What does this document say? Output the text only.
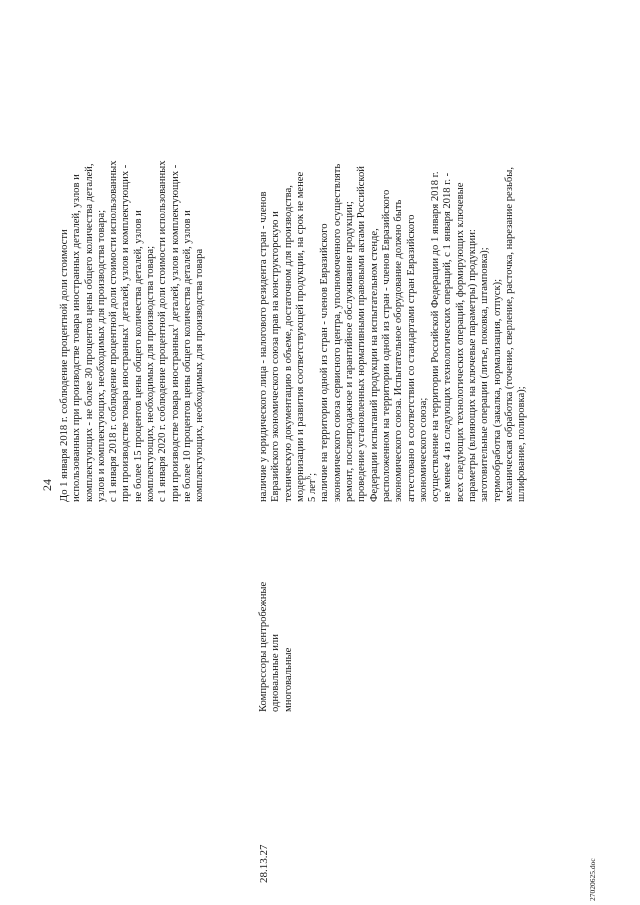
24 До 1 января 2018 г. соблюдение процентной доли стоимости использованных при производстве товара иностранных деталей, узлов и комплектующих - не более 30 процентов цены общего количества деталей, узлов и комплектующих, необходимых для производства товара; с 1 января 2018 г. соблюдение процентной доли стоимости использованных при производстве товара иностранных$^1$ деталей, узлов и комплектующих - не более 15 процентов цены общего количества деталей, узлов и комплектующих, необходимых для производства товара; с 1 января 2020 г. соблюдение процентной доли стоимости использованных при производстве товара иностранных$^1$ деталей, узлов и комплектующих - не более 10 процентов цены общего количества деталей, узлов и комплектующих, необходимых для производства товара
28.13.27
Компрессоры центробежные одновальные или многовальные
наличие у юридического лица - налогового резидента стран - членов Евразийского экономического союза прав на конструкторскую и техническую документацию в объеме, достаточном для производства, модернизации и развития соответствующей продукции, на срок не менее 5 лет$^6$; наличие на территории одной из стран - членов Евразийского экономического союза сервисного центра, уполномоченного осуществлять ремонт, послепродажное и гарантийное обслуживание продукции; проведение установленных нормативными правовыми актами Российской Федерации испытаний продукции на испытательном стенде, расположенном на территории одной из стран - членов Евразийского экономического союза. Испытательное оборудование должно быть аттестовано в соответствии со стандартами стран Евразийского экономического союза; осуществление на территории Российской Федерации до 1 января 2018 г. не менее 4 из следующих технологических операций, с 1 января 2018 г. - всех следующих технологических операций, формирующих ключевые параметры (влияющих на ключевые параметры) продукции: заготовительные операции (литье, поковка, штамповка); термообработка (закалка, нормализация, отпуск); механическая обработка (точение, сверление, расточка, нарезание резьбы, шлифование, полировка);
27020625.doc
